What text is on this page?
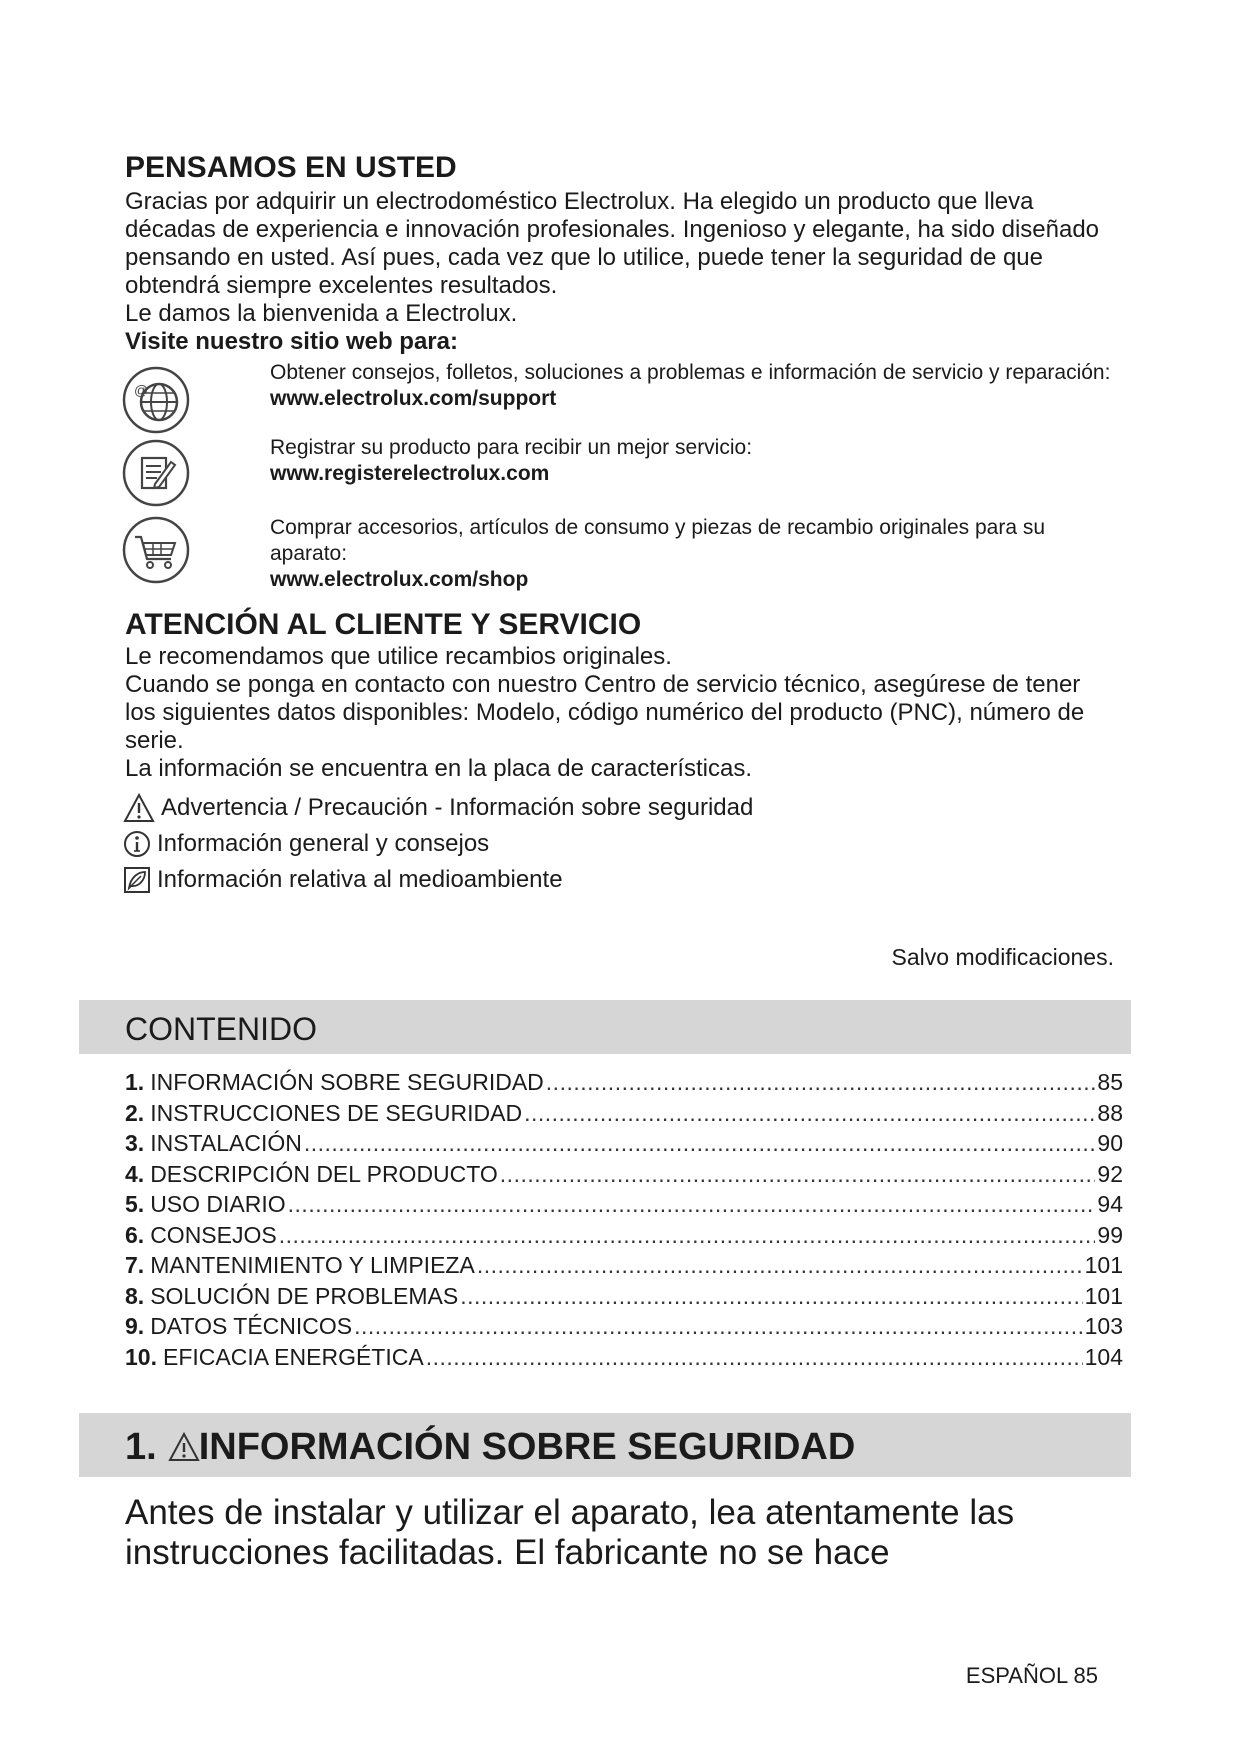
PENSAMOS EN USTED

Gracias por adquirir un electrodoméstico Electrolux. Ha elegido un producto que lleva décadas de experiencia e innovación profesionales. Ingenioso y elegante, ha sido diseñado pensando en usted. Así pues, cada vez que lo utilice, puede tener la seguridad de que obtendrá siempre excelentes resultados.

Le damos la bienvenida a Electrolux.

Visite nuestro sitio web para:

@
Obtener consejos, folletos, soluciones a problemas e información de servicio y reparación:
www.electrolux.com/support
Registrar su producto para recibir un mejor servicio:
www.registerelectrolux.com
Comprar accesorios, artículos de consumo y piezas de recambio originales para su aparato:
www.electrolux.com/shop
ATENCIÓN AL CLIENTE Y SERVICIO

Le recomendamos que utilice recambios originales.

Cuando se ponga en contacto con nuestro Centro de servicio técnico, asegúrese de tener los siguientes datos disponibles: Modelo, código numérico del producto (PNC), número de serie.

La información se encuentra en la placa de características.

Advertencia / Precaución - Información sobre seguridad
Información general y consejos
Información relativa al medioambiente
Salvo modificaciones.
CONTENIDO
1. INFORMACIÓN SOBRE SEGURIDAD .....	85
2. INSTRUCCIONES DE SEGURIDAD .....	88
3. INSTALACIÓN .....	90
4. DESCRIPCIÓN DEL PRODUCTO .....	92
5. USO DIARIO .....	94
6. CONSEJOS .....	99
7. MANTENIMIENTO Y LIMPIEZA .....	101
8. SOLUCIÓN DE PROBLEMAS .....	101
9. DATOS TÉCNICOS .....	103
10. EFICACIA ENERGÉTICA .....	104
1. INFORMACIÓN SOBRE SEGURIDAD

Antes de instalar y utilizar el aparato, lea atentamente las instrucciones facilitadas. El fabricante no se hace

ESPAÑOL 85
